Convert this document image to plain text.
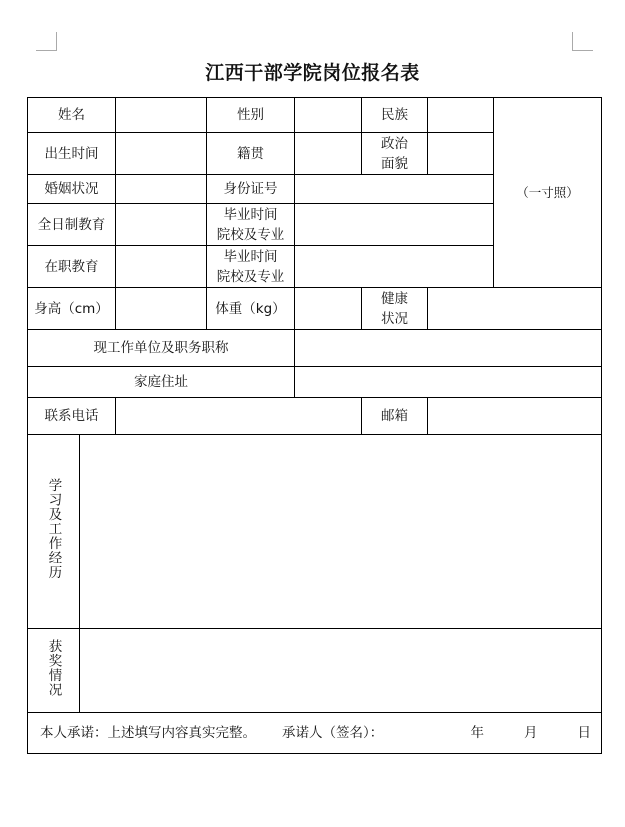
江西干部学院岗位报名表
姓名			性别		民族		（一寸照）
出生时间			籍贯		政治
面貌		

婚姻状况			身份证号				
全日制教育			毕业时间
院校及专业				

在职教育			毕业时间
院校及专业				

身高（cm）			体重（kg）		健康
状况		

现工作单位及职务职称							
家庭住址							
联系电话					邮箱		
学习及工作经历							
获奖情况							

本人承诺：上述填写内容真实完整。 承诺人（签名）： 年 月 日							
